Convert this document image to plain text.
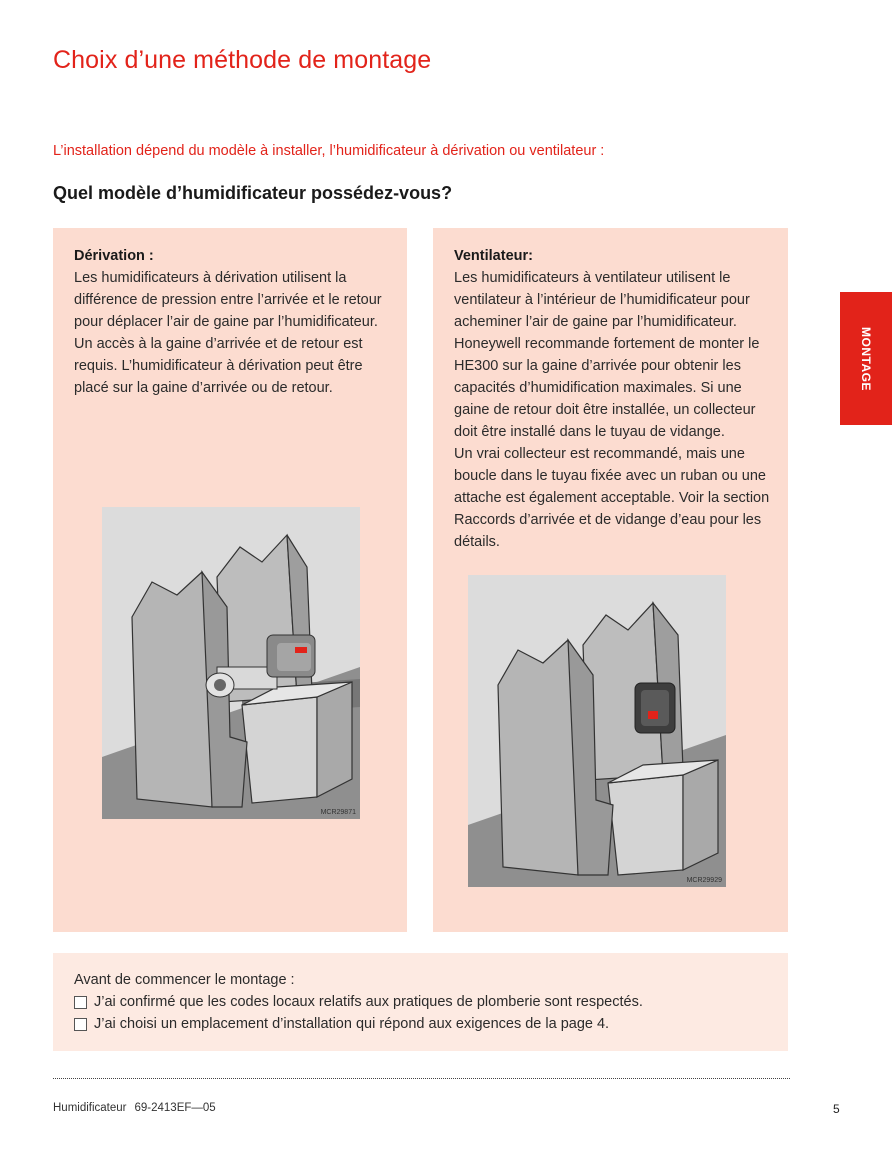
Choix d’une méthode de montage
L’installation dépend du modèle à installer, l’humidificateur à dérivation ou ventilateur :
Quel modèle d’humidificateur possédez-vous?
Dérivation :
Les humidificateurs à dérivation utilisent la différence de pression entre l’arrivée et le retour pour déplacer l’air de gaine par l’humidificateur. Un accès à la gaine d’arrivée et de retour est requis. L’humidificateur à dérivation peut être placé sur la gaine d’arrivée ou de retour.
MCR29871
Ventilateur:
Les humidificateurs à ventilateur utilisent le ventilateur à l’intérieur de l’humidificateur pour acheminer l’air de gaine par l’humidificateur. Honeywell recommande fortement de monter le HE300 sur la gaine d’arrivée pour obtenir les capacités d’humidification maximales. Si une gaine de retour doit être installée, un collecteur doit être installé dans le tuyau de vidange.
Un vrai collecteur est recommandé, mais une boucle dans le tuyau fixée avec un ruban ou une attache est également acceptable. Voir la section Raccords d’arrivée et de vidange d’eau pour les détails.
MCR29929
MONTAGE
Avant de commencer le montage :
J’ai confirmé que les codes locaux relatifs aux pratiques de plomberie sont respectés.
J’ai choisi un emplacement d’installation qui répond aux exigences de la page 4.
Humidificateur 69-2413EF—05	5
